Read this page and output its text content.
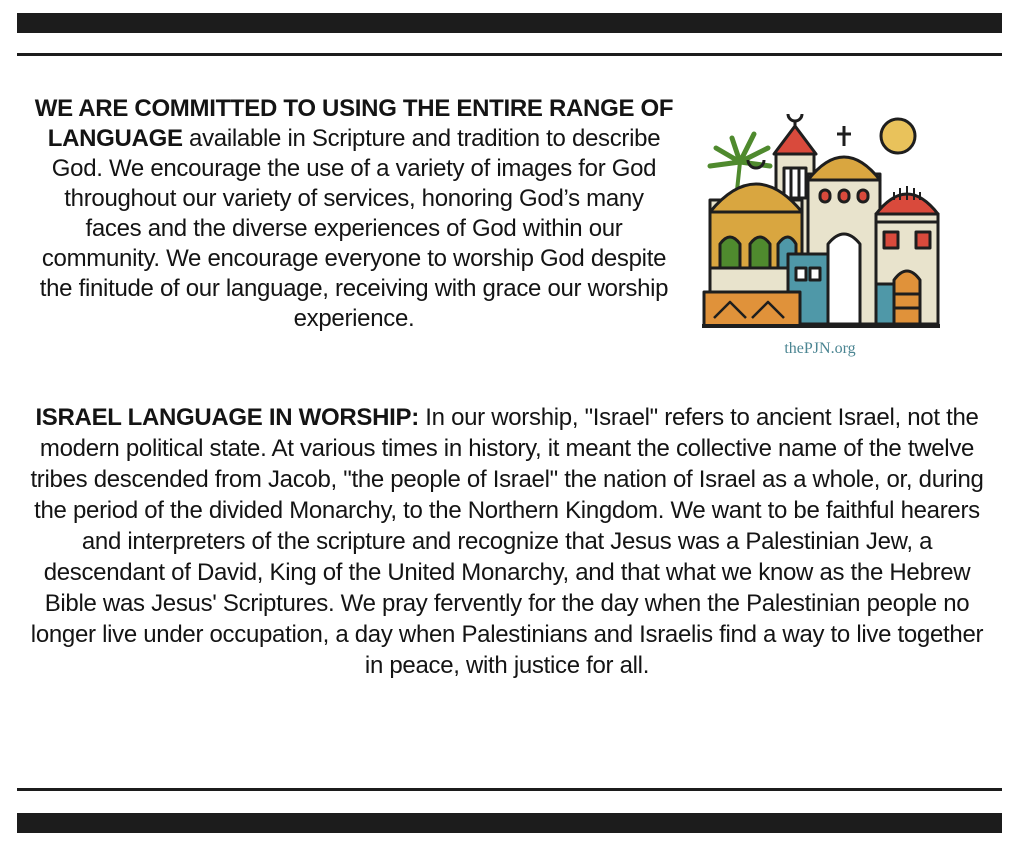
WE ARE COMMITTED TO USING THE ENTIRE RANGE OF LANGUAGE available in Scripture and tradition to describe God. We encourage the use of a variety of images for God throughout our variety of services, honoring God’s many faces and the diverse experiences of God within our community. We encourage everyone to worship God despite the finitude of our language, receiving with grace our worship experience.
thePJN.org
ISRAEL LANGUAGE IN WORSHIP: In our worship, "Israel" refers to ancient Israel, not the modern political state. At various times in history, it meant the collective name of the twelve tribes descended from Jacob, "the people of Israel" the nation of Israel as a whole, or, during the period of the divided Monarchy, to the Northern Kingdom. We want to be faithful hearers and interpreters of the scripture and recognize that Jesus was a Palestinian Jew, a descendant of David, King of the United Monarchy, and that what we know as the Hebrew Bible was Jesus' Scriptures. We pray fervently for the day when the Palestinian people no longer live under occupation, a day when Palestinians and Israelis find a way to live together in peace, with justice for all.
